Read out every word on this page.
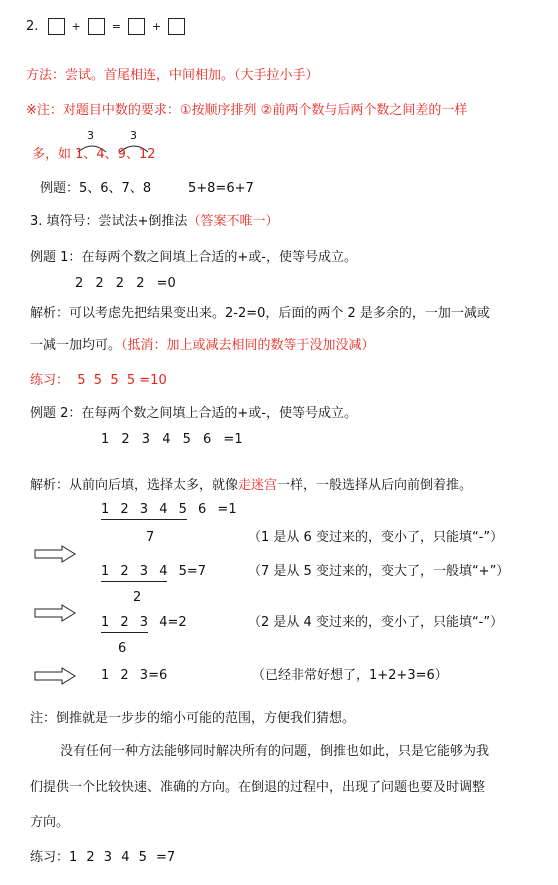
2.	+	=	+
方法：尝试。首尾相连，中间相加。（大手拉小手）
※注：对题目中数的要求：①按顺序排列 ②前两个数与后两个数之间差的一样
3	3
多，如 1、4、9、12
例题：5、6、7、8	5+8=6+7
3. 填符号：尝试法+倒推法（答案不唯一）
例题 1：在每两个数之间填上合适的+或-，使等号成立。
2 2 2 2 =0
解析：可以考虑先把结果变出来。2-2=0，后面的两个 2 是多余的，一加一减或
一减一加均可。（抵消：加上或减去相同的数等于没加没减）
练习：  5  5  5  5 =10
例题 2：在每两个数之间填上合适的+或-，使等号成立。
1 2 3 4 5 6 =1
解析：从前向后填，选择太多，就像走迷宫一样，一般选择从后向前倒着推。
1 2 3 4 5 6 =1
7	（1 是从 6 变过来的，变小了，只能填“-”）
1 2 3 4 5=7	（7 是从 5 变过来的，变大了，一般填“+”）
2
1 2 3 4=2	（2 是从 4 变过来的，变小了，只能填“-”）
6
1 2 3=6	（已经非常好想了，1+2+3=6）
注：倒推就是一步步的缩小可能的范围，方便我们猜想。
没有任何一种方法能够同时解决所有的问题，倒推也如此，只是它能够为我
们提供一个比较快速、准确的方向。在倒退的过程中，出现了问题也要及时调整
方向。
练习：1 2 3 4 5 =7
